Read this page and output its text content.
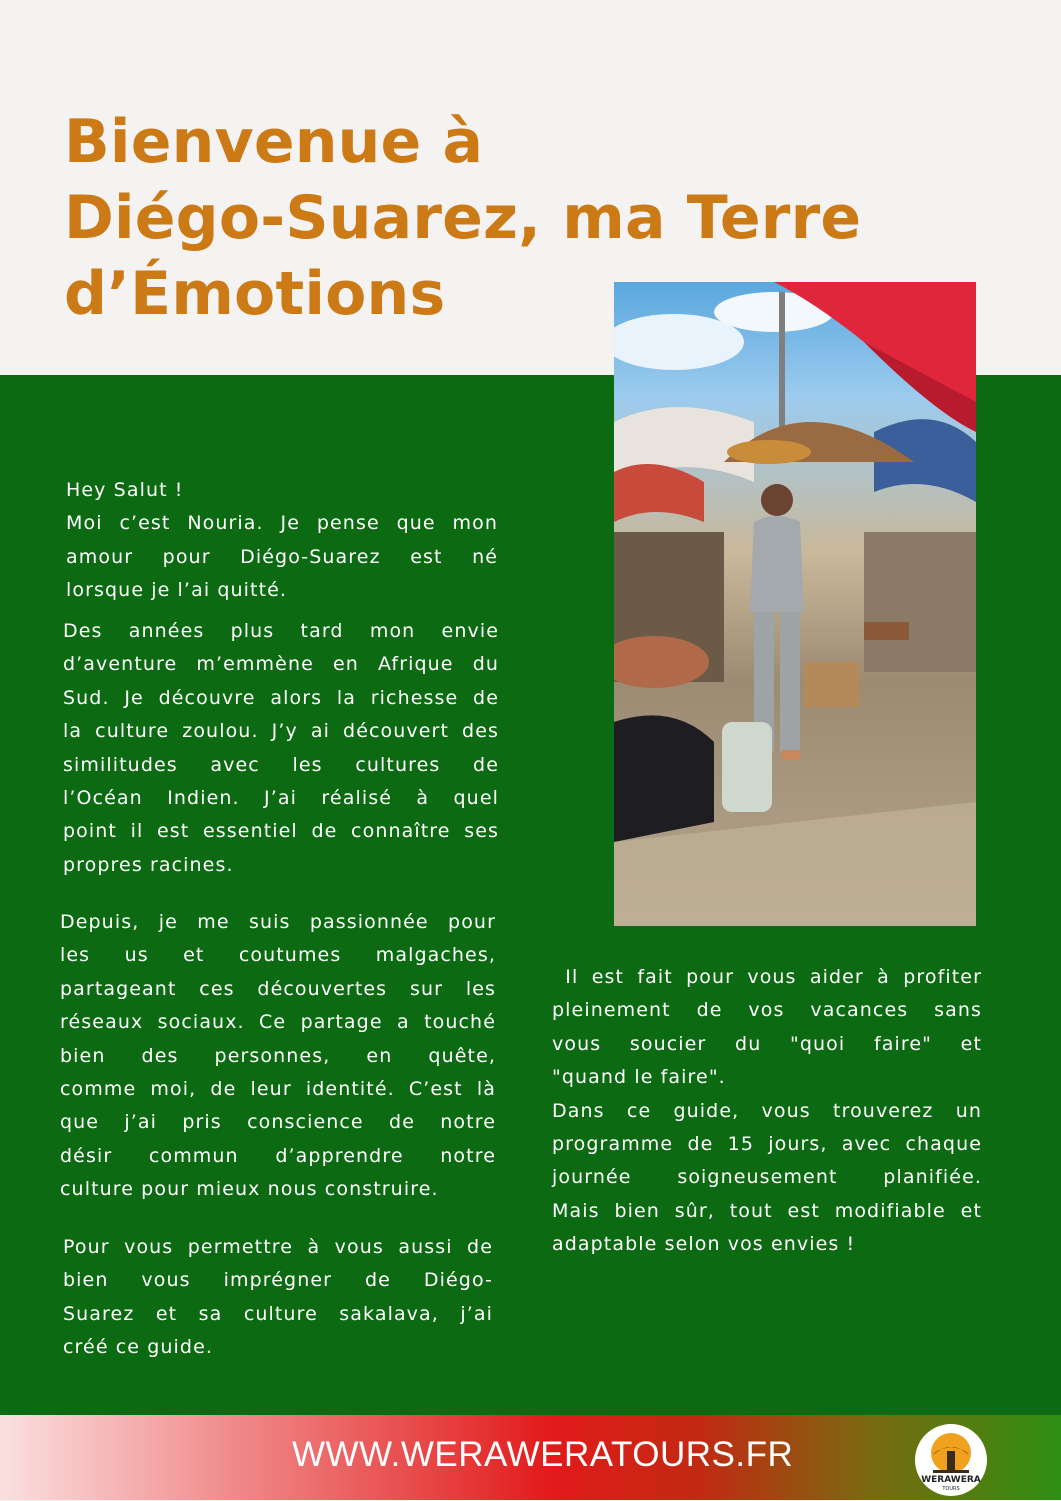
Bienvenue à
Diégo-Suarez, ma Terre
d’Émotions
Hey Salut !
Moi c’est Nouria. Je pense que mon
amour pour Diégo-Suarez est né
lorsque je l’ai quitté.
Des années plus tard mon envie
d’aventure m’emmène en Afrique du
Sud. Je découvre alors la richesse de
la culture zoulou. J’y ai découvert des
similitudes avec les cultures de
l’Océan Indien. J’ai réalisé à quel
point il est essentiel de connaître ses
propres racines.
Depuis, je me suis passionnée pour
les us et coutumes malgaches,
partageant ces découvertes sur les
réseaux sociaux. Ce partage a touché
bien des personnes, en quête,
comme moi, de leur identité. C’est là
que j’ai pris conscience de notre
désir commun d’apprendre notre
culture pour mieux nous construire.
Pour vous permettre à vous aussi de
bien vous imprégner de Diégo-
Suarez et sa culture sakalava, j’ai
créé ce guide.
Il est fait pour vous aider à profiter
pleinement de vos vacances sans
vous soucier du "quoi faire" et
"quand le faire".
Dans ce guide, vous trouverez un
programme de 15 jours, avec chaque
journée soigneusement planifiée.
Mais bien sûr, tout est modifiable et
adaptable selon vos envies !
WWW.WERAWERATOURS.FR
WERAWERA
TOURS
